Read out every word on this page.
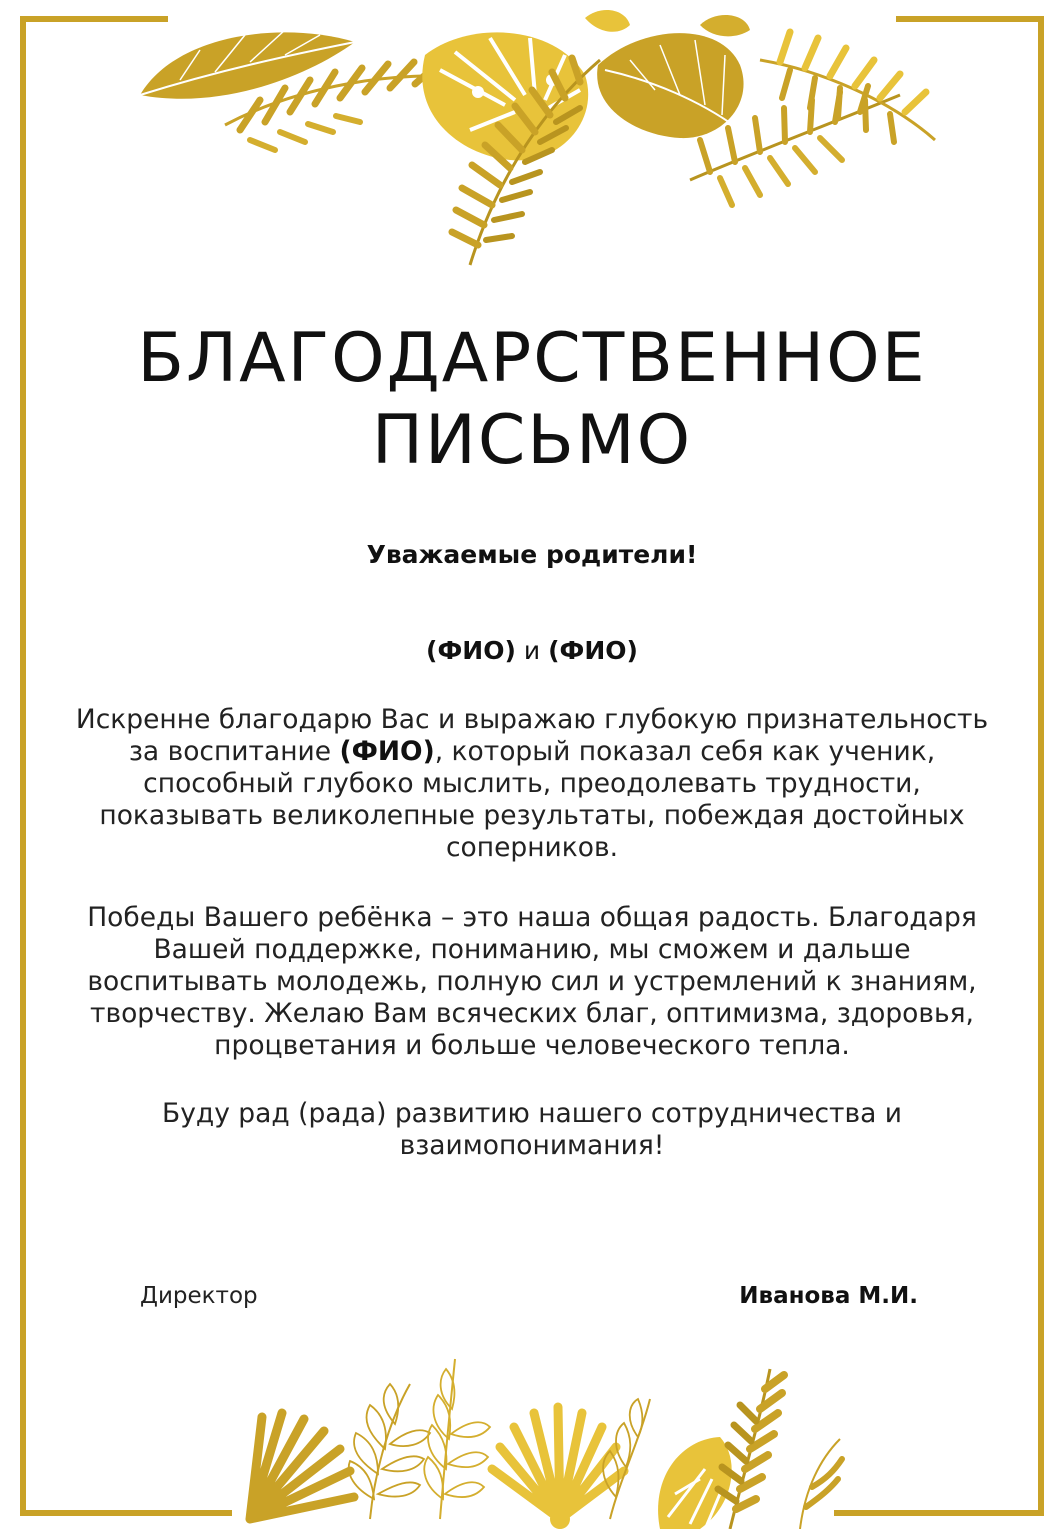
БЛАГОДАРСТВЕННОЕ
ПИСЬМО
Уважаемые родители!
(ФИО) и (ФИО)

Искренне благодарю Вас и выражаю глубокую признательность за воспитание (ФИО), который показал себя как ученик, способный глубоко мыслить, преодолевать трудности, показывать великолепные результаты, побеждая достойных соперников.

Победы Вашего ребёнка – это наша общая радость. Благодаря Вашей поддержке, пониманию, мы сможем и дальше воспитывать молодежь, полную сил и устремлений к знаниям, творчеству. Желаю Вам всяческих благ, оптимизма, здоровья, процветания и больше человеческого тепла.

Буду рад (рада) развитию нашего сотрудничества и взаимопонимания!

Директор	Иванова М.И.
